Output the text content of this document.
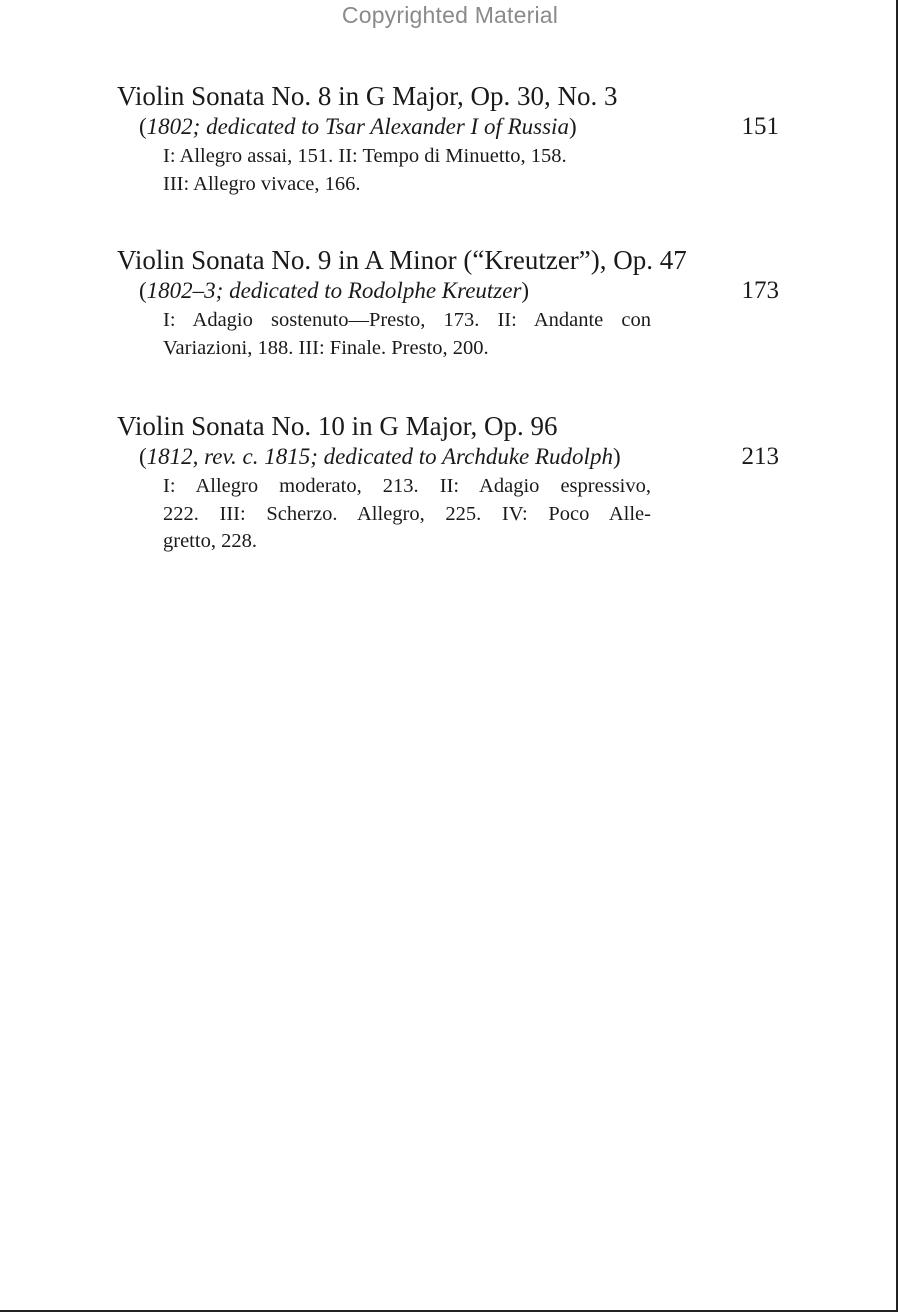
Copyrighted Material
Violin Sonata No. 8 in G Major, Op. 30, No. 3
(1802; dedicated to Tsar Alexander I of Russia)	151
I: Allegro assai, 151. II: Tempo di Minuetto, 158.
III: Allegro vivace, 166.
Violin Sonata No. 9 in A Minor (“Kreutzer”), Op. 47
(1802–3; dedicated to Rodolphe Kreutzer)	173
I: Adagio sostenuto—Presto, 173. II: Andante con
Variazioni, 188. III: Finale. Presto, 200.
Violin Sonata No. 10 in G Major, Op. 96
(1812, rev. c. 1815; dedicated to Archduke Rudolph)	213
I: Allegro moderato, 213. II: Adagio espressivo,
222. III: Scherzo. Allegro, 225. IV: Poco Alle-
gretto, 228.
